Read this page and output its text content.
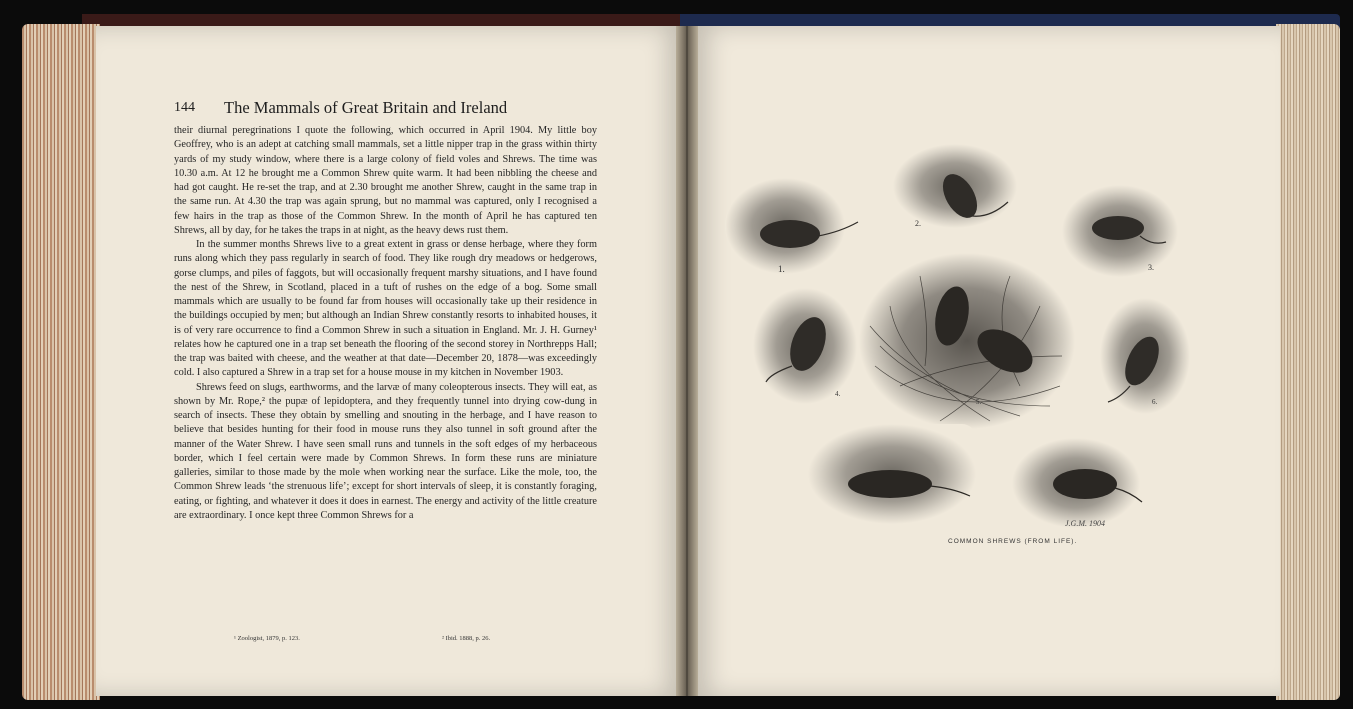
1.
2.
3.
4.
5.	6.
J.G.M. 1904
COMMON SHREWS (FROM LIFE).
144 The Mammals of Great Britain and Ireland

their diurnal peregrinations I quote the following, which occurred in April 1904. My little boy Geoffrey, who is an adept at catching small mammals, set a little nipper trap in the grass within thirty yards of my study window, where there is a large colony of field voles and Shrews. The time was 10.30 a.m. At 12 he brought me a Common Shrew quite warm. It had been nibbling the cheese and had got caught. He re-set the trap, and at 2.30 brought me another Shrew, caught in the same trap in the same run. At 4.30 the trap was again sprung, but no mammal was captured, only I recognised a few hairs in the trap as those of the Common Shrew. In the month of April he has captured ten Shrews, all by day, for he takes the traps in at night, as the heavy dews rust them.

In the summer months Shrews live to a great extent in grass or dense herbage, where they form runs along which they pass regularly in search of food. They like rough dry meadows or hedgerows, gorse clumps, and piles of faggots, but will occasionally frequent marshy situations, and I have found the nest of the Shrew, in Scotland, placed in a tuft of rushes on the edge of a bog. Some small mammals which are usually to be found far from houses will occasionally take up their residence in the buildings occupied by men; but although an Indian Shrew constantly resorts to inhabited houses, it is of very rare occurrence to find a Common Shrew in such a situation in England. Mr. J. H. Gurney¹ relates how he captured one in a trap set beneath the flooring of the second storey in Northrepps Hall; the trap was baited with cheese, and the weather at that date—December 20, 1878—was exceedingly cold. I also captured a Shrew in a trap set for a house mouse in my kitchen in November 1903.

Shrews feed on slugs, earthworms, and the larvæ of many coleopterous insects. They will eat, as shown by Mr. Rope,² the pupæ of lepidoptera, and they frequently tunnel into drying cow-dung in search of insects. These they obtain by smelling and snouting in the herbage, and I have reason to believe that besides hunting for their food in mouse runs they also tunnel in soft ground after the manner of the Water Shrew. I have seen small runs and tunnels in the soft edges of my herbaceous border, which I feel certain were made by Common Shrews. In form these runs are miniature galleries, similar to those made by the mole when working near the surface. Like the mole, too, the Common Shrew leads ‘the strenuous life’; except for short intervals of sleep, it is constantly foraging, eating, or fighting, and whatever it does it does in earnest. The energy and activity of the little creature are extraordinary. I once kept three Common Shrews for a

¹ Zoologist, 1879, p. 123.	² Ibid. 1888, p. 26.
